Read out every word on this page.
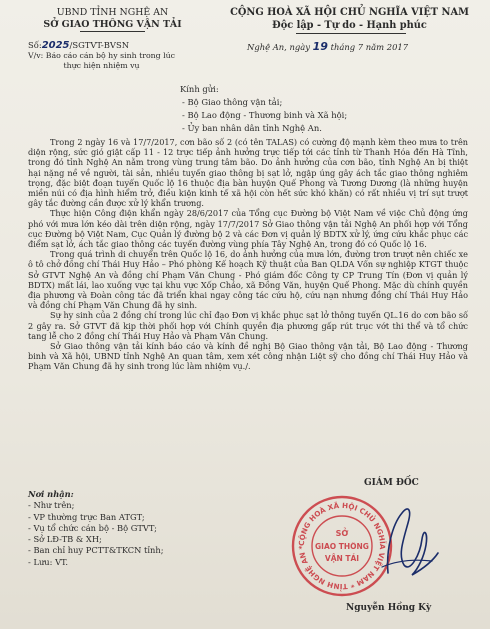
UBND TỈNH NGHỆ AN
SỞ GIAO THÔNG VẬN TẢI
CỘNG HOÀ XÃ HỘI CHỦ NGHĨA VIỆT NAM
Độc lập - Tự do - Hạnh phúc
Số:2025/SGTVT-BVSN	Nghệ An, ngày 19 tháng 7 năm 2017
V/v: Báo cáo cán bộ hy sinh trong lúc
thực hiện nhiệm vụ
Kính gửi:
- Bộ Giao thông vận tải;
- Bộ Lao động - Thương binh và Xã hội;
- Ủy ban nhân dân tỉnh Nghệ An.

Trong 2 ngày 16 và 17/7/2017, cơn bão số 2 (có tên TALAS) có cường độ mạnh kèm theo mưa to trên diện rộng, sức gió giật cấp 11 - 12 trực tiếp ảnh hưởng trực tiếp tới các tỉnh từ Thanh Hóa đến Hà Tĩnh, trong đó tỉnh Nghệ An nằm trong vùng trung tâm bão. Do ảnh hưởng của cơn bão, tỉnh Nghệ An bị thiệt hại nặng nề về người, tài sản, nhiều tuyến giao thông bị sạt lở, ngập úng gây ách tắc giao thông nghiêm trọng, đặc biệt đoạn tuyến Quốc lộ 16 thuộc địa bàn huyện Quế Phong và Tương Dương (là những huyện miền núi có địa hình hiểm trở, điều kiện kinh tế xã hội còn hết sức khó khăn) có rất nhiều vị trí sụt trượt gây tắc đường cần được xử lý khẩn trương.

Thực hiện Công điện khẩn ngày 28/6/2017 của Tổng cục Đường bộ Việt Nam về việc Chủ động ứng phó với mưa lớn kéo dài trên diện rộng, ngày 17/7/2017 Sở Giao thông vận tải Nghệ An phối hợp với Tổng cục Đường bộ Việt Nam, Cục Quản lý đường bộ 2 và các Đơn vị quản lý BDTX xử lý, ứng cứu khắc phục các điểm sạt lở, ách tắc giao thông các tuyến đường vùng phía Tây Nghệ An, trong đó có Quốc lộ 16.

Trong quá trình di chuyển trên Quốc lộ 16, do ảnh hưởng của mưa lớn, đường trơn trượt nên chiếc xe ô tô chở đồng chí Thái Huy Hảo – Phó phòng Kế hoạch Kỹ thuật của Ban QLDA Vốn sự nghiệp KTGT thuộc Sở GTVT Nghệ An và đồng chí Phạm Văn Chung - Phó giám đốc Công ty CP Trung Tín (Đơn vị quản lý BDTX) mất lái, lao xuống vực tại khu vực Xốp Chảo, xã Đồng Văn, huyện Quế Phong. Mặc dù chính quyền địa phương và Đoàn công tác đã triển khai ngay công tác cứu hộ, cứu nạn nhưng đồng chí Thái Huy Hảo và đồng chí Phạm Văn Chung đã hy sinh.

Sự hy sinh của 2 đồng chí trong lúc chỉ đạo Đơn vị khắc phục sạt lở thông tuyến QL.16 do cơn bão số 2 gây ra. Sở GTVT đã kịp thời phối hợp với Chính quyền địa phương gấp rút trục vớt thi thể và tổ chức tang lễ cho 2 đồng chí Thái Huy Hảo và Phạm Văn Chung.

Sở Giao thông vận tải kính báo cáo và kính đề nghị Bộ Giao thông vận tải, Bộ Lao động - Thương binh và Xã hội, UBND tỉnh Nghệ An quan tâm, xem xét công nhận Liệt sỹ cho đồng chí Thái Huy Hảo và Phạm Văn Chung đã hy sinh trong lúc làm nhiệm vụ./.

Nơi nhận:
- Như trên;
- VP thường trực Ban ATGT;
- Vụ tổ chức cán bộ - Bộ GTVT;
- Sở LĐ-TB & XH;
- Ban chỉ huy PCTT&TKCN tỉnh;
- Lưu: VT.
GIÁM ĐỐC
CỘNG HOÀ XÃ HỘI CHỦ NGHĨA VIỆT NAM * TỈNH NGHỆ AN *
SỞ
GIAO THÔNG
VẬN TẢI
Nguyễn Hồng Kỳ
